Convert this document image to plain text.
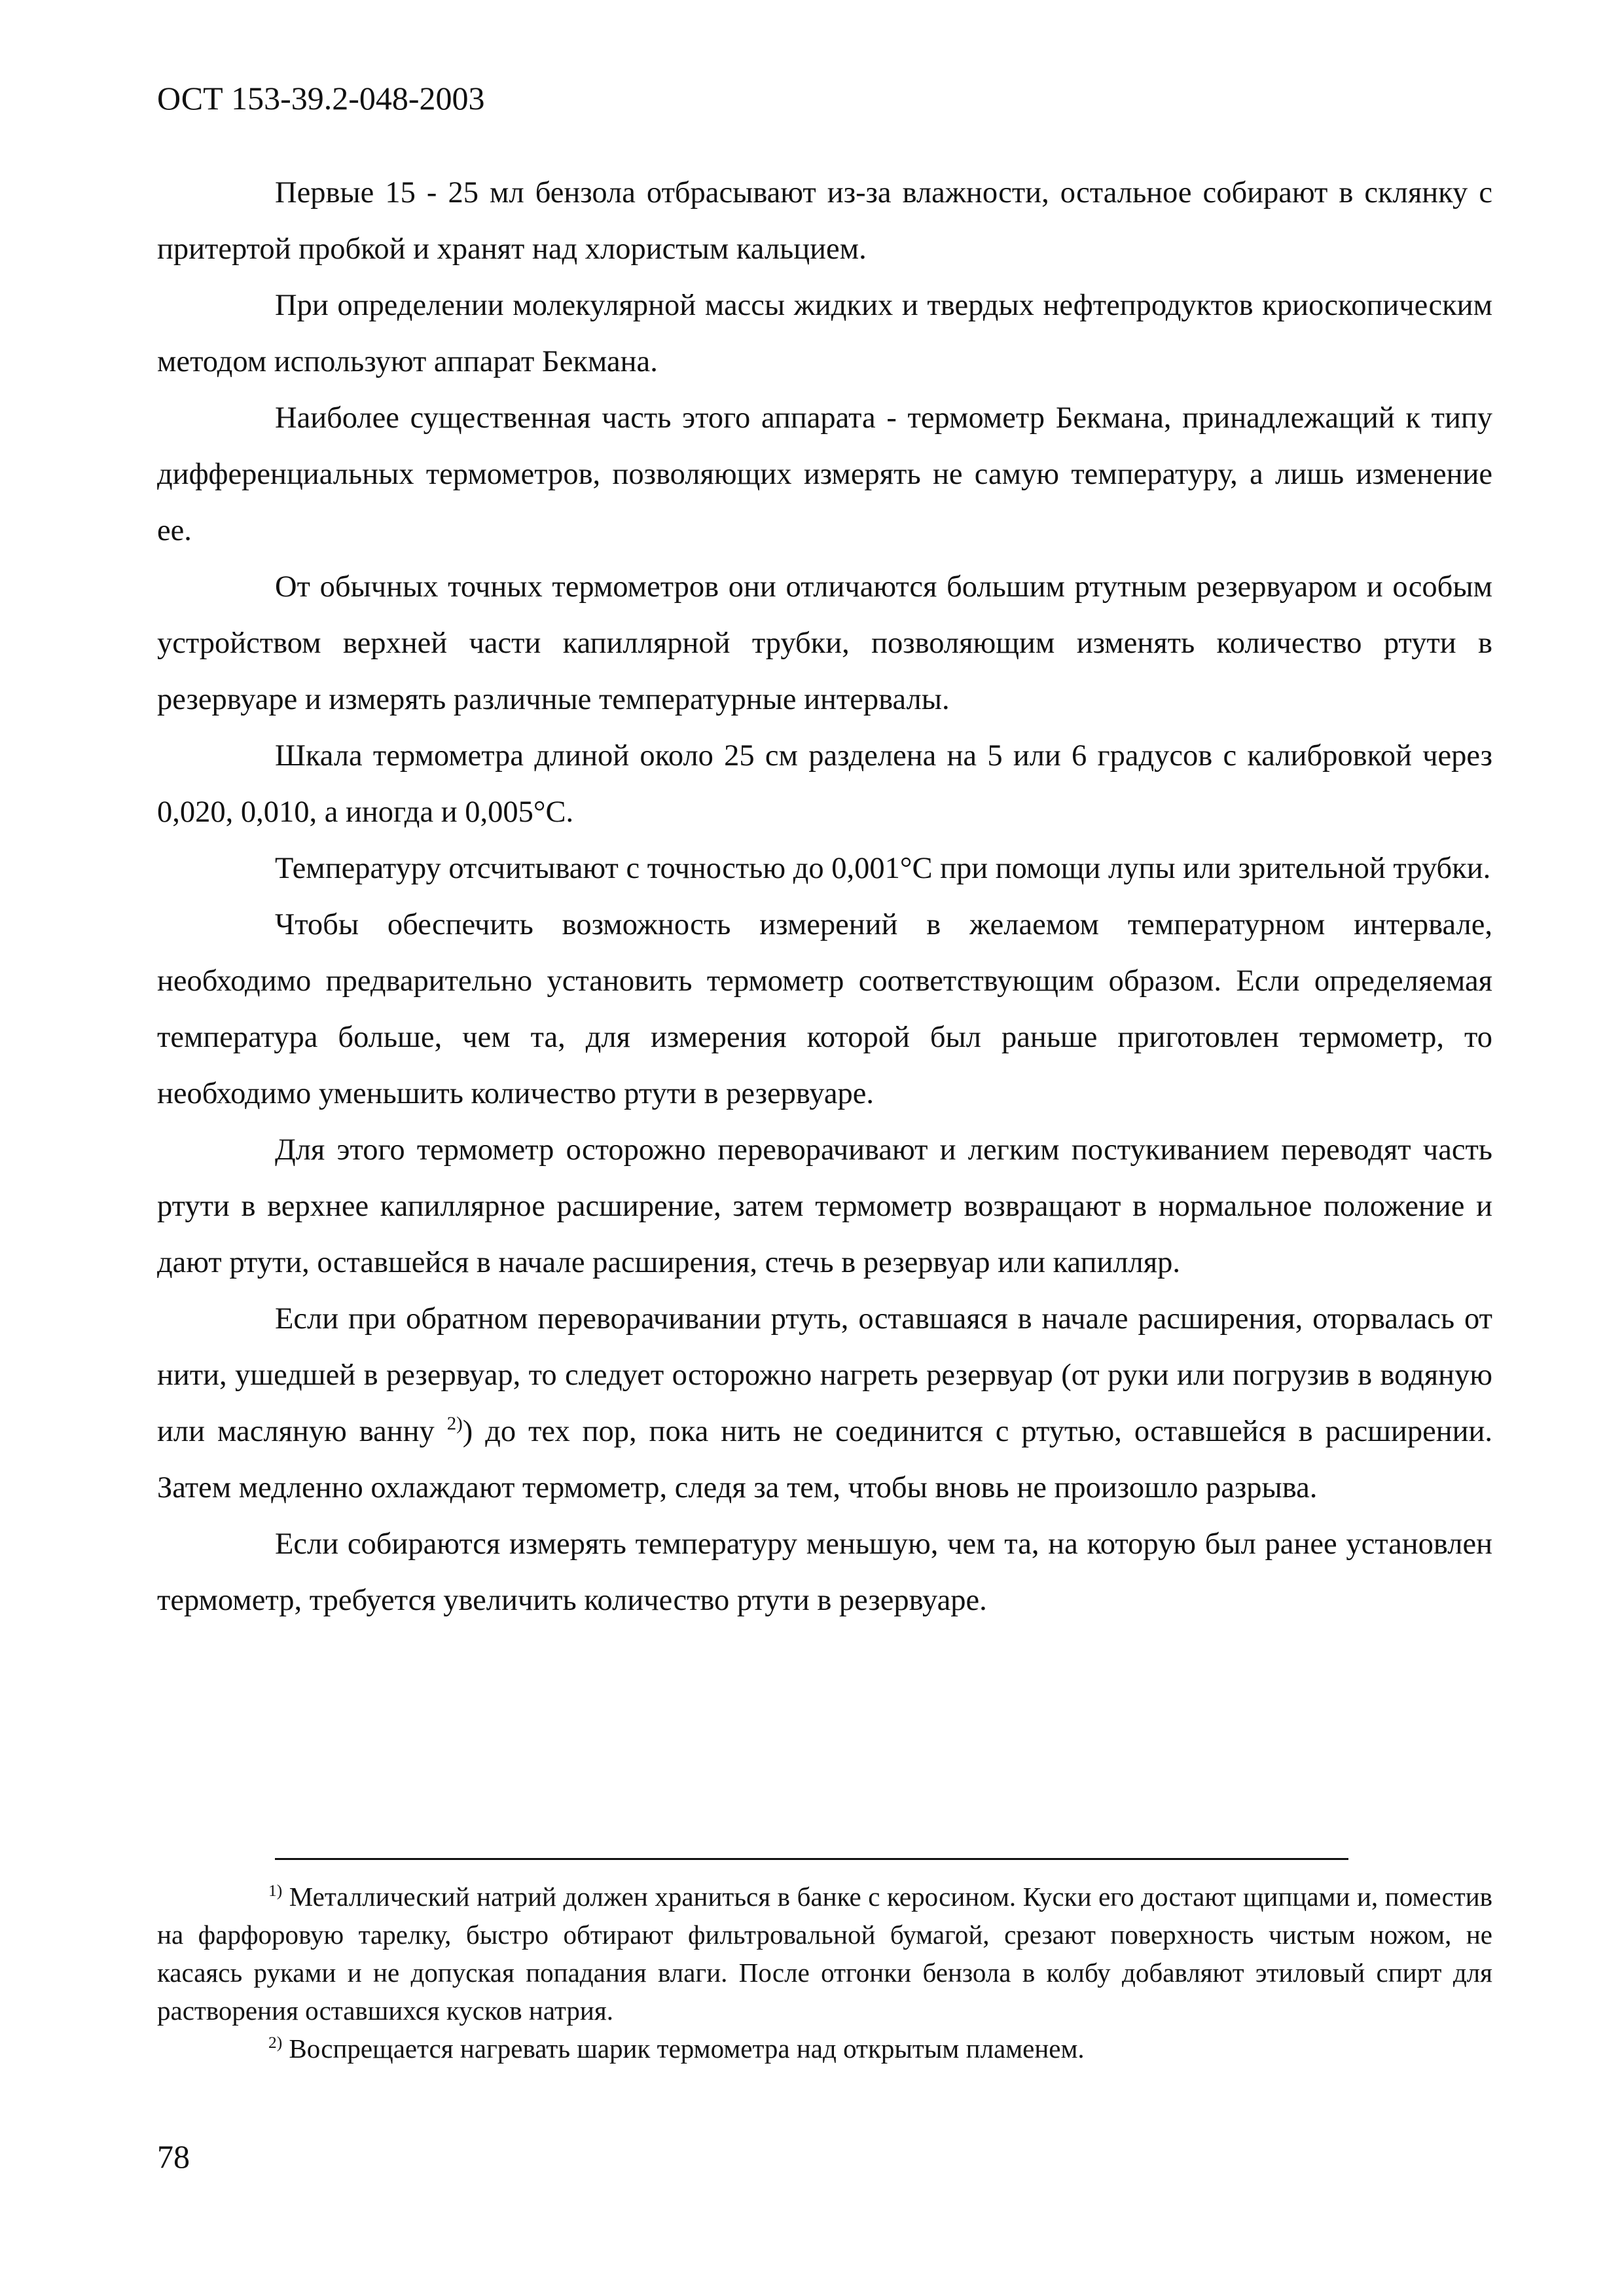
ОСТ 153-39.2-048-2003

Первые 15 - 25 мл бензола отбрасывают из-за влажности, остальное собирают в склянку с притертой пробкой и хранят над хлористым кальцием.

При определении молекулярной массы жидких и твердых нефтепродуктов криоскопическим методом используют аппарат Бекмана.

Наиболее существенная часть этого аппарата - термометр Бекмана, принадлежащий к типу дифференциальных термометров, позволяющих измерять не самую температуру, а лишь изменение ее.

От обычных точных термометров они отличаются большим ртутным резервуаром и особым устройством верхней части капиллярной трубки, позволяющим изменять количество ртути в резервуаре и измерять различные температурные интервалы.

Шкала термометра длиной около 25 см разделена на 5 или 6 градусов с калибровкой через 0,020, 0,010, а иногда и 0,005°С.

Температуру отсчитывают с точностью до 0,001°С при помощи лупы или зрительной трубки.

Чтобы обеспечить возможность измерений в желаемом температурном интервале, необходимо предварительно установить термометр соответствующим образом. Если определяемая температура больше, чем та, для измерения которой был раньше приготовлен термометр, то необходимо уменьшить количество ртути в резервуаре.

Для этого термометр осторожно переворачивают и легким постукиванием переводят часть ртути в верхнее капиллярное расширение, затем термометр возвращают в нормальное положение и дают ртути, оставшейся в начале расширения, стечь в резервуар или капилляр.

Если при обратном переворачивании ртуть, оставшаяся в начале расширения, оторвалась от нити, ушедшей в резервуар, то следует осторожно нагреть резервуар (от руки или погрузив в водяную или масляную ванну $^{2)}$) до тех пор, пока нить не соединится с ртутью, оставшейся в расширении. Затем медленно охлаждают термометр, следя за тем, чтобы вновь не произошло разрыва.

Если собираются измерять температуру меньшую, чем та, на которую был ранее установлен термометр, требуется увеличить количество ртути в резервуаре.

$^{1)}$ Металлический натрий должен храниться в банке с керосином. Куски его достают щипцами и, поместив на фарфоровую тарелку, быстро обтирают фильтровальной бумагой, срезают поверхность чистым ножом, не касаясь руками и не допуская попадания влаги. После отгонки бензола в колбу добавляют этиловый спирт для растворения оставшихся кусков натрия.

$^{2)}$ Воспрещается нагревать шарик термометра над открытым пламенем.

78
